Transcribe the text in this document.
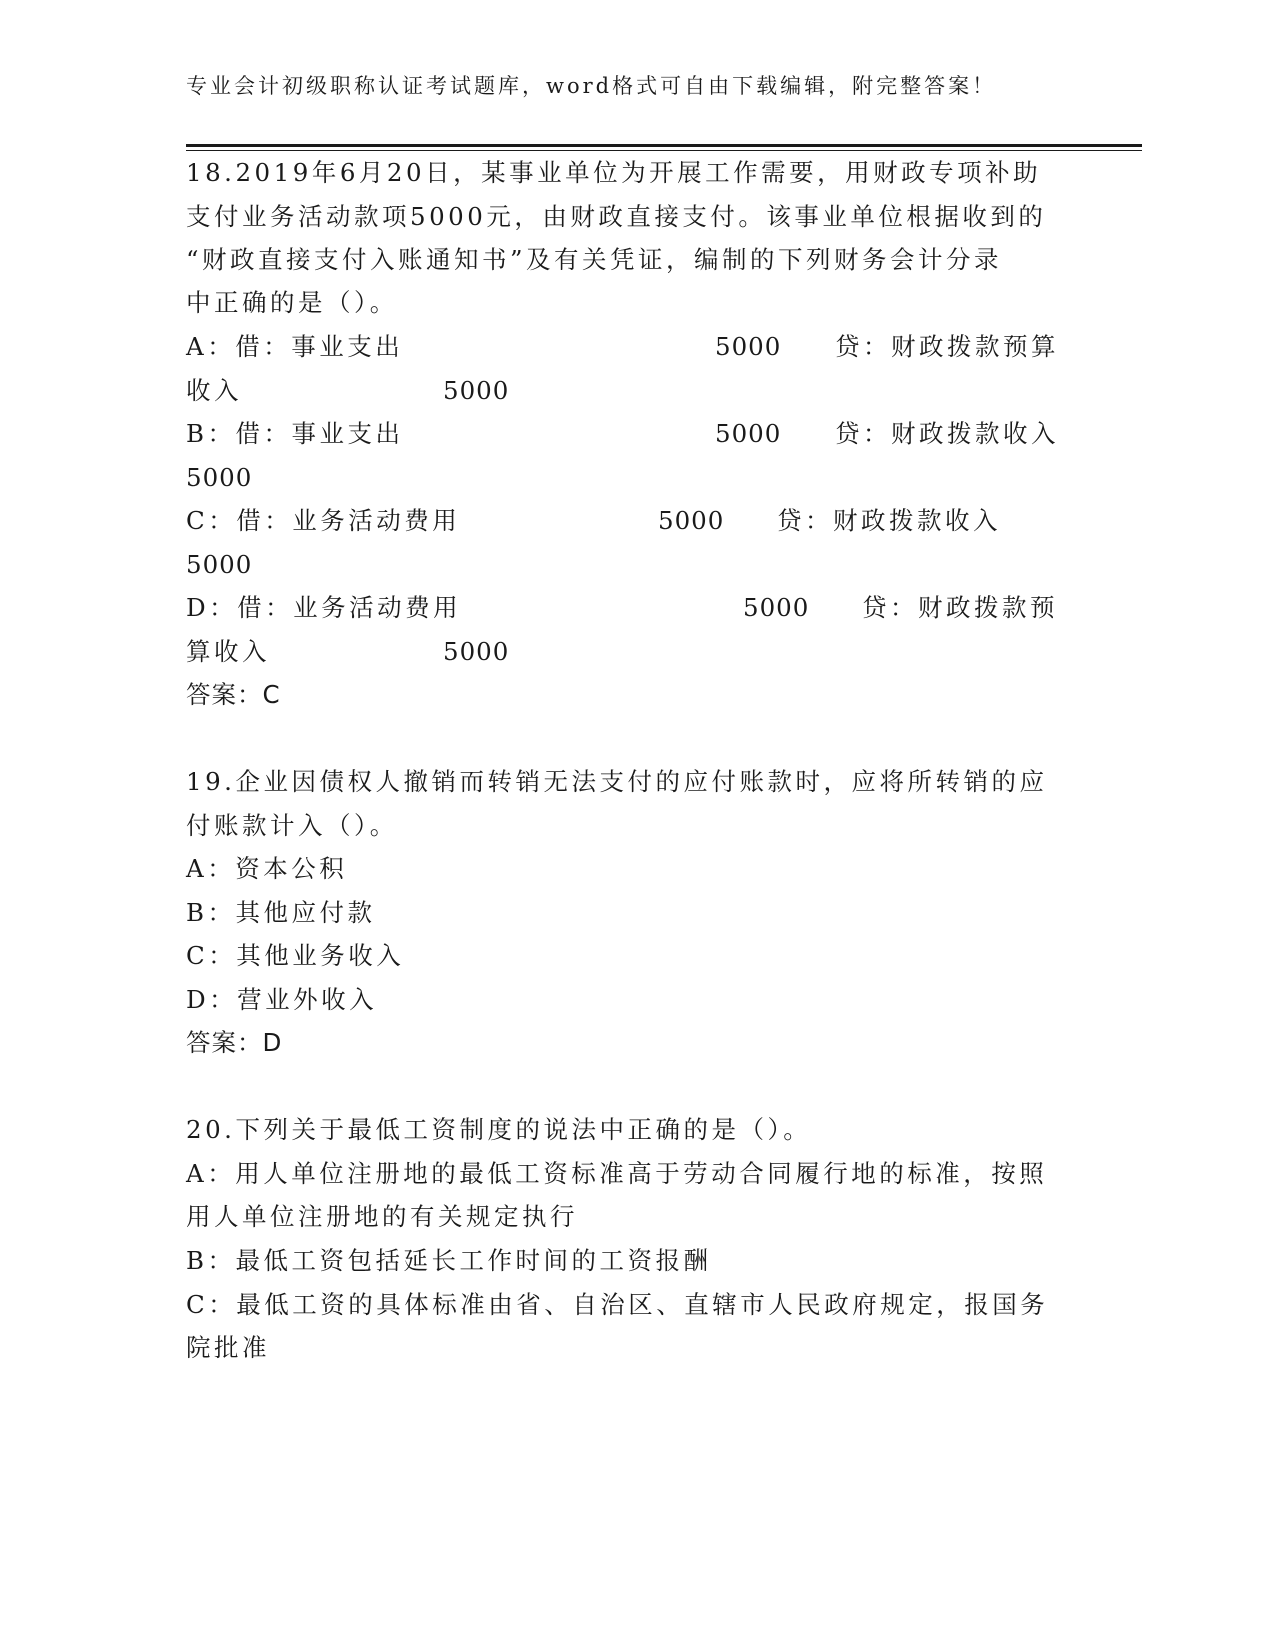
专业会计初级职称认证考试题库，word格式可自由下载编辑，附完整答案！
18.2019年6月20日，某事业单位为开展工作需要，用财政专项补助
支付业务活动款项5000元，由财政直接支付。该事业单位根据收到的
“财政直接支付入账通知书”及有关凭证，编制的下列财务会计分录
中正确的是（）。
A：借：事业支出	5000 贷：财政拨款预算
收入	5000
B：借：事业支出	5000 贷：财政拨款收入
5000
C：借：业务活动费用	5000 贷：财政拨款收入
5000
D：借：业务活动费用	5000 贷：财政拨款预
算收入	5000
答案：C
19.企业因债权人撤销而转销无法支付的应付账款时，应将所转销的应
付账款计入（）。
A：资本公积
B：其他应付款
C：其他业务收入
D：营业外收入
答案：D
20.下列关于最低工资制度的说法中正确的是（）。
A：用人单位注册地的最低工资标准高于劳动合同履行地的标准，按照
用人单位注册地的有关规定执行
B：最低工资包括延长工作时间的工资报酬
C：最低工资的具体标准由省、自治区、直辖市人民政府规定，报国务
院批准
